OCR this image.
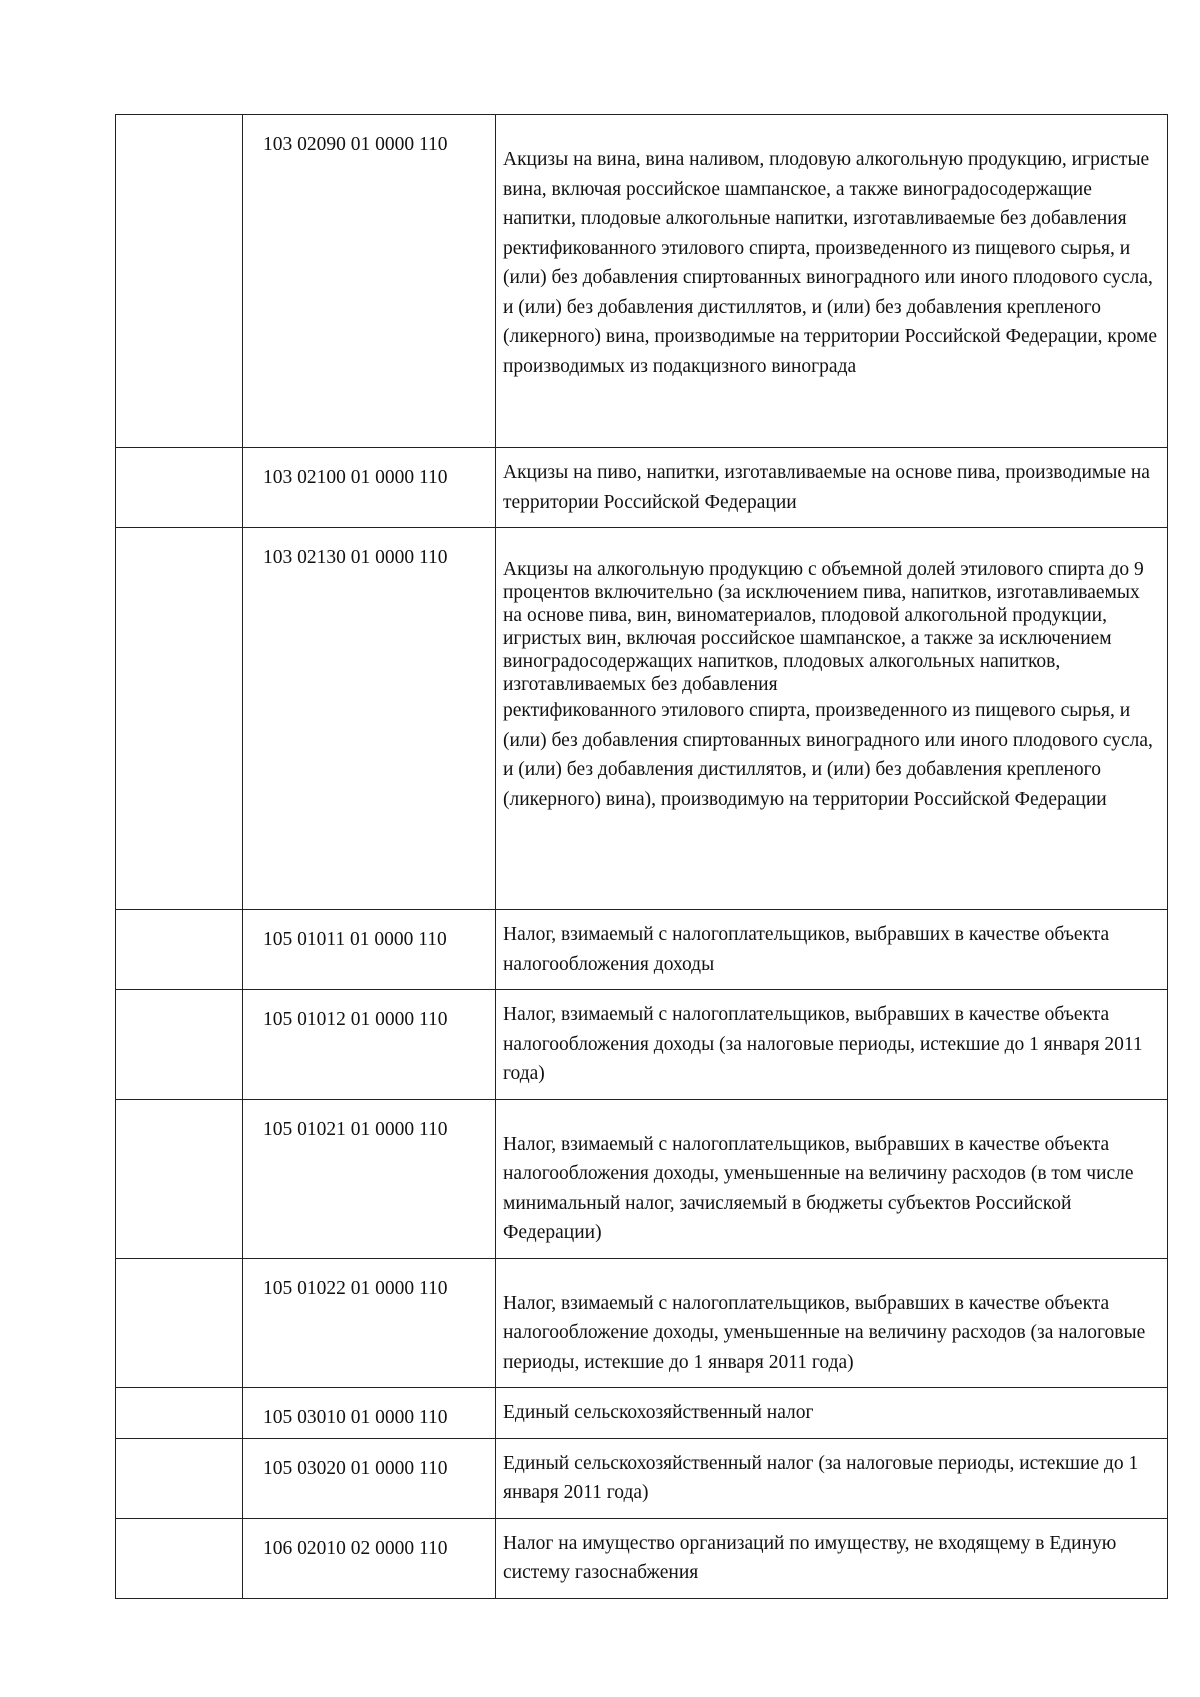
	103 02090 01 0000 110	Акцизы на вина, вина наливом, плодовую алкогольную продукцию, игристые вина, включая российское шампанское, а также виноградосодержащие напитки, плодовые алкогольные напитки, изготавливаемые без добавления ректификованного этилового спирта, произведенного из пищевого сырья, и (или) без добавления спиртованных виноградного или иного плодового сусла, и (или) без добавления дистиллятов, и (или) без добавления крепленого (ликерного) вина, производимые на территории Российской Федерации, кроме производимых из подакцизного винограда

	103 02100 01 0000 110	Акцизы на пиво, напитки, изготавливаемые на основе пива, производимые на территории Российской Федерации

	103 02130 01 0000 110	Акцизы на алкогольную продукцию с объемной долей этилового спирта до 9 процентов включительно (за исключением пива, напитков, изготавливаемых на основе пива, вин, виноматериалов, плодовой алкогольной продукции, игристых вин, включая российское шампанское, а также за исключением виноградосодержащих напитков, плодовых алкогольных напитков, изготавливаемых без добавления
ректификованного этилового спирта, произведенного из пищевого сырья, и (или) без добавления спиртованных виноградного или иного плодового сусла, и (или) без добавления дистиллятов, и (или) без добавления крепленого (ликерного) вина), производимую на территории Российской Федерации

	105 01011 01 0000 110	Налог, взимаемый с налогоплательщиков, выбравших в качестве объекта налогообложения доходы

	105 01012 01 0000 110	Налог, взимаемый с налогоплательщиков, выбравших в качестве объекта налогообложения доходы (за налоговые периоды, истекшие до 1 января 2011 года)

	105 01021 01 0000 110	Налог, взимаемый с налогоплательщиков, выбравших в качестве объекта налогообложения доходы, уменьшенные на величину расходов (в том числе минимальный налог, зачисляемый в бюджеты субъектов Российской Федерации)

	105 01022 01 0000 110	Налог, взимаемый с налогоплательщиков, выбравших в качестве объекта налогообложение доходы, уменьшенные на величину расходов (за налоговые периоды, истекшие до 1 января 2011 года)

	105 03010 01 0000 110	Единый сельскохозяйственный налог

	105 03020 01 0000 110	Единый сельскохозяйственный налог (за налоговые периоды, истекшие до 1 января 2011 года)

	106 02010 02 0000 110	Налог на имущество организаций по имуществу, не входящему в Единую систему газоснабжения
